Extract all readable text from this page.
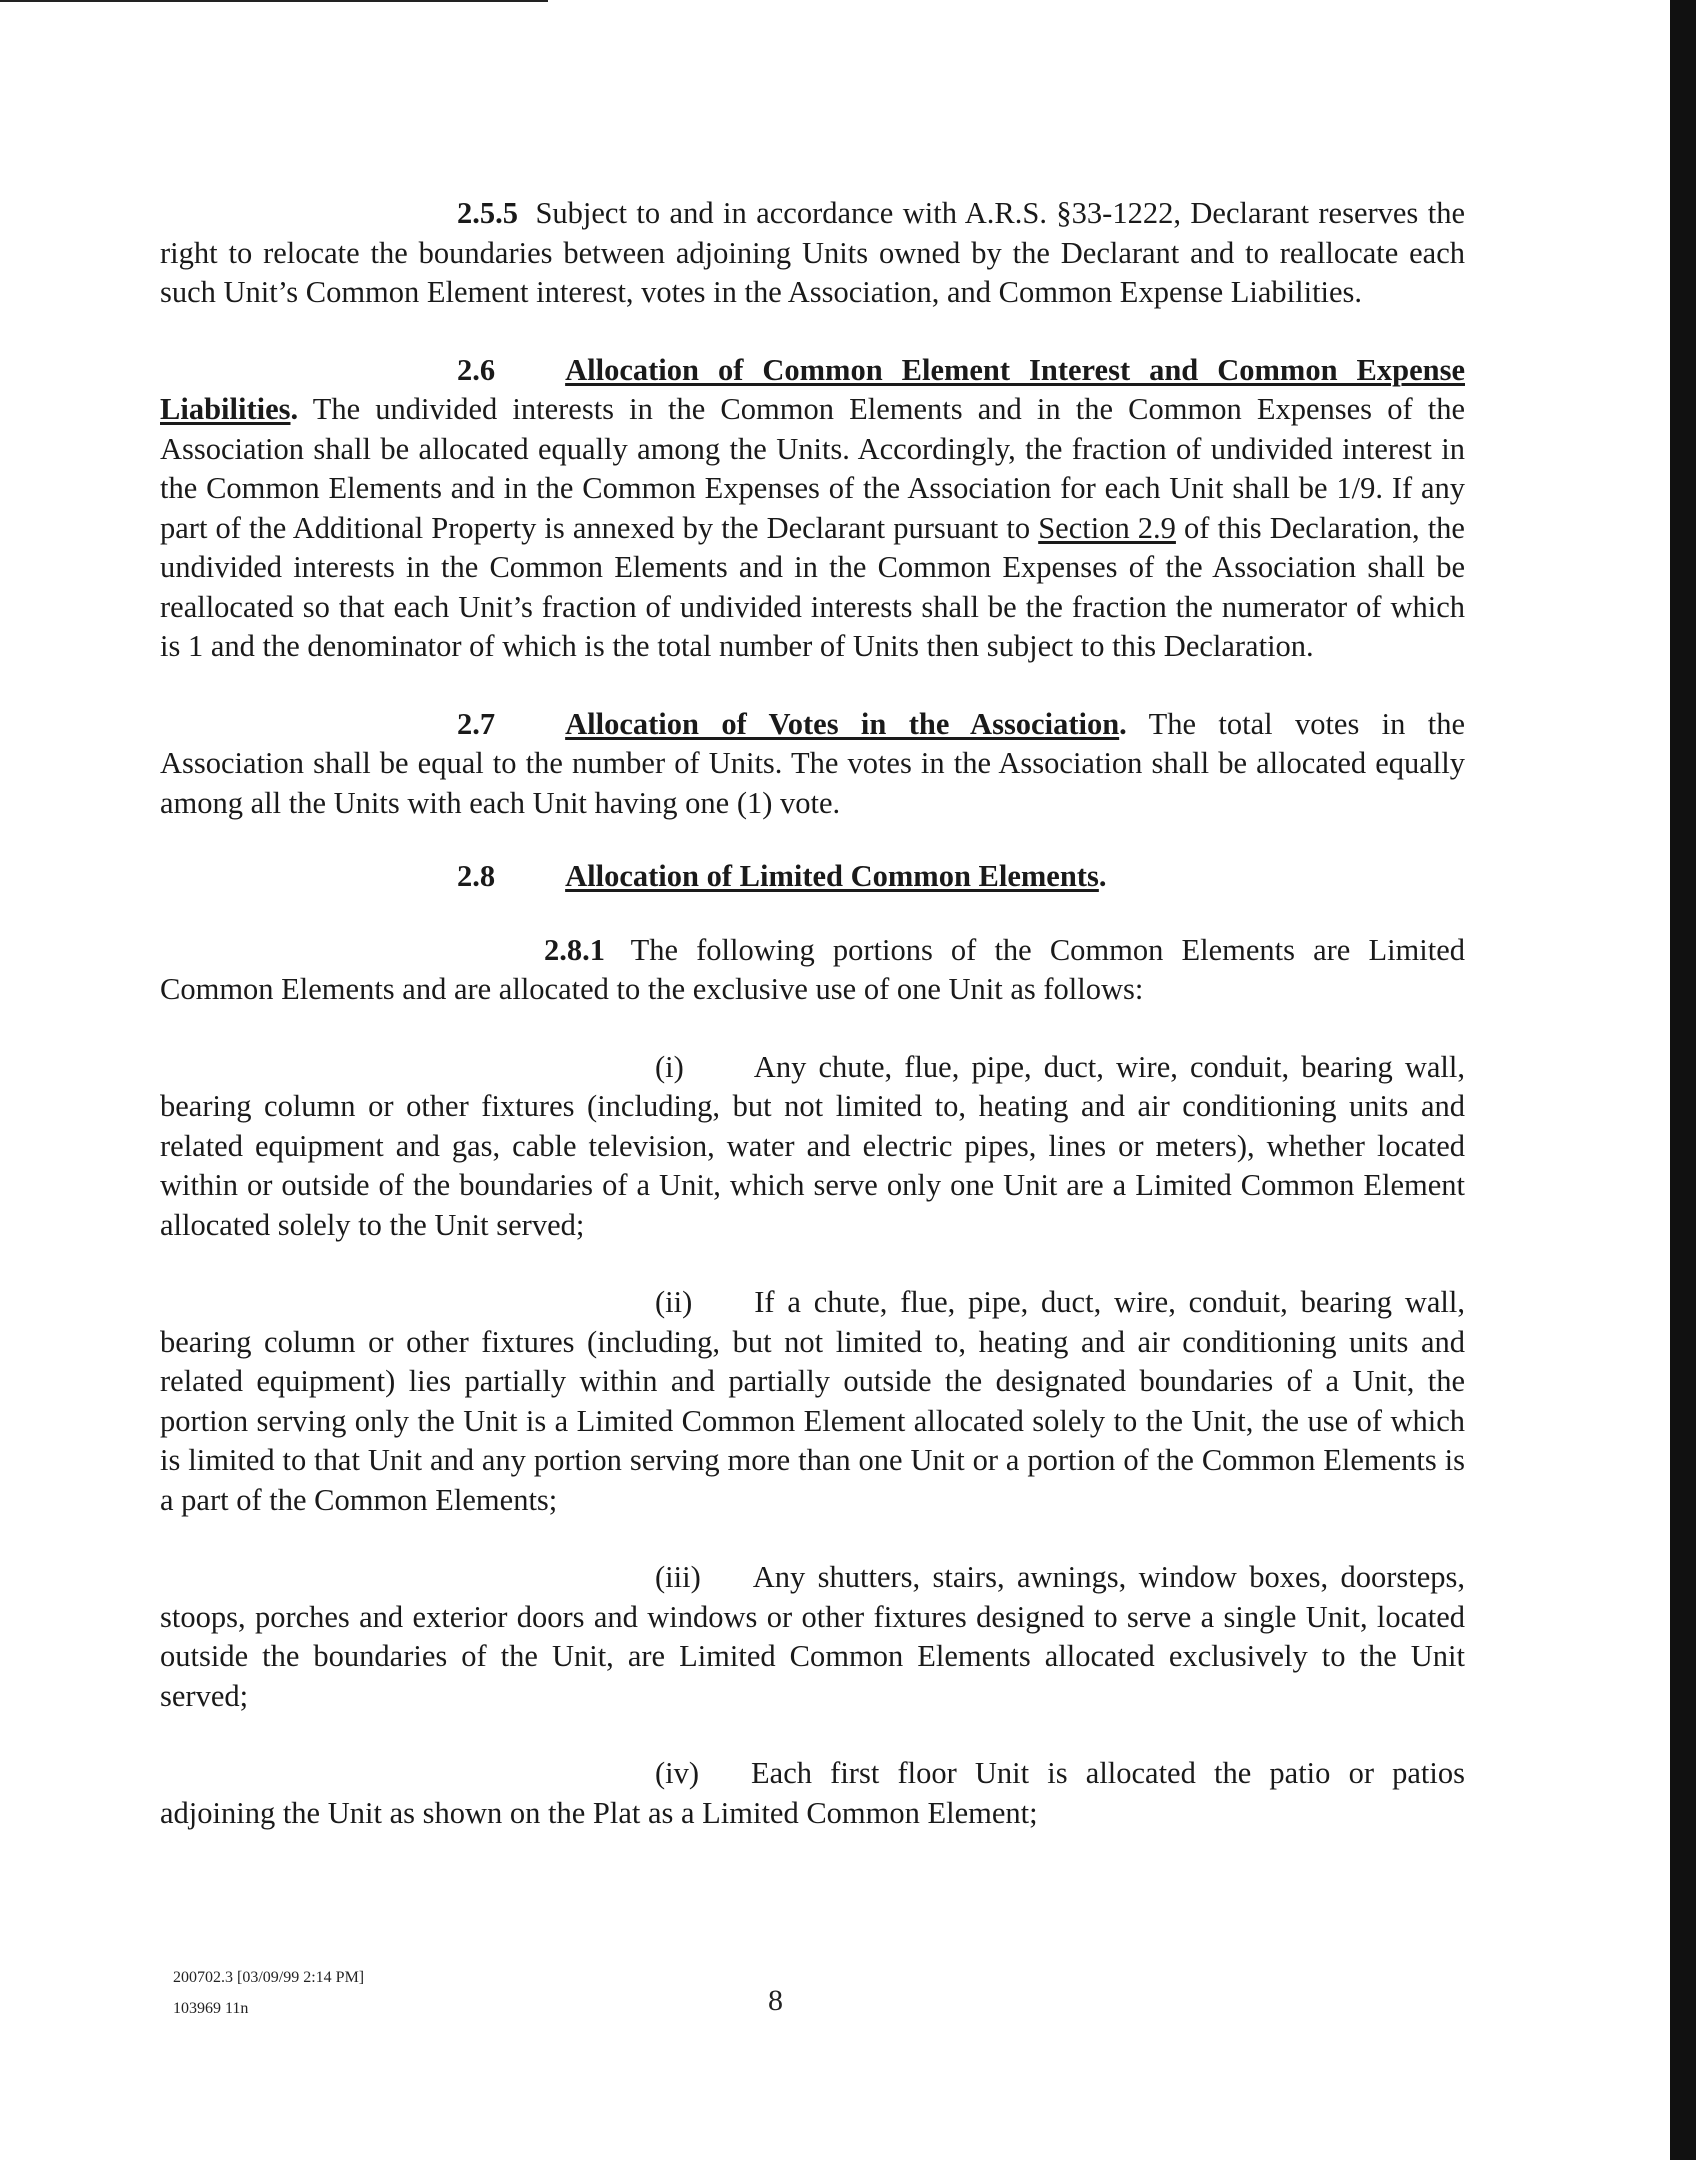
2.5.5 Subject to and in accordance with A.R.S. §33-1222, Declarant reserves the right to relocate the boundaries between adjoining Units owned by the Declarant and to reallocate each such Unit’s Common Element interest, votes in the Association, and Common Expense Liabilities.

2.6 Allocation of Common Element Interest and Common Expense Liabilities. The undivided interests in the Common Elements and in the Common Expenses of the Association shall be allocated equally among the Units. Accordingly, the fraction of undivided interest in the Common Elements and in the Common Expenses of the Association for each Unit shall be 1/9. If any part of the Additional Property is annexed by the Declarant pursuant to Section 2.9 of this Declaration, the undivided interests in the Common Elements and in the Common Expenses of the Association shall be reallocated so that each Unit’s fraction of undivided interests shall be the fraction the numerator of which is 1 and the denominator of which is the total number of Units then subject to this Declaration.

2.7 Allocation of Votes in the Association. The total votes in the Association shall be equal to the number of Units. The votes in the Association shall be allocated equally among all the Units with each Unit having one (1) vote.

2.8 Allocation of Limited Common Elements.

2.8.1 The following portions of the Common Elements are Limited Common Elements and are allocated to the exclusive use of one Unit as follows:

(i) Any chute, flue, pipe, duct, wire, conduit, bearing wall, bearing column or other fixtures (including, but not limited to, heating and air conditioning units and related equipment and gas, cable television, water and electric pipes, lines or meters), whether located within or outside of the boundaries of a Unit, which serve only one Unit are a Limited Common Element allocated solely to the Unit served;

(ii) If a chute, flue, pipe, duct, wire, conduit, bearing wall, bearing column or other fixtures (including, but not limited to, heating and air conditioning units and related equipment) lies partially within and partially outside the designated boundaries of a Unit, the portion serving only the Unit is a Limited Common Element allocated solely to the Unit, the use of which is limited to that Unit and any portion serving more than one Unit or a portion of the Common Elements is a part of the Common Elements;

(iii) Any shutters, stairs, awnings, window boxes, doorsteps, stoops, porches and exterior doors and windows or other fixtures designed to serve a single Unit, located outside the boundaries of the Unit, are Limited Common Elements allocated exclusively to the Unit served;

(iv) Each first floor Unit is allocated the patio or patios adjoining the Unit as shown on the Plat as a Limited Common Element;

200702.3 [03/09/99 2:14 PM]
103969 11n	8
